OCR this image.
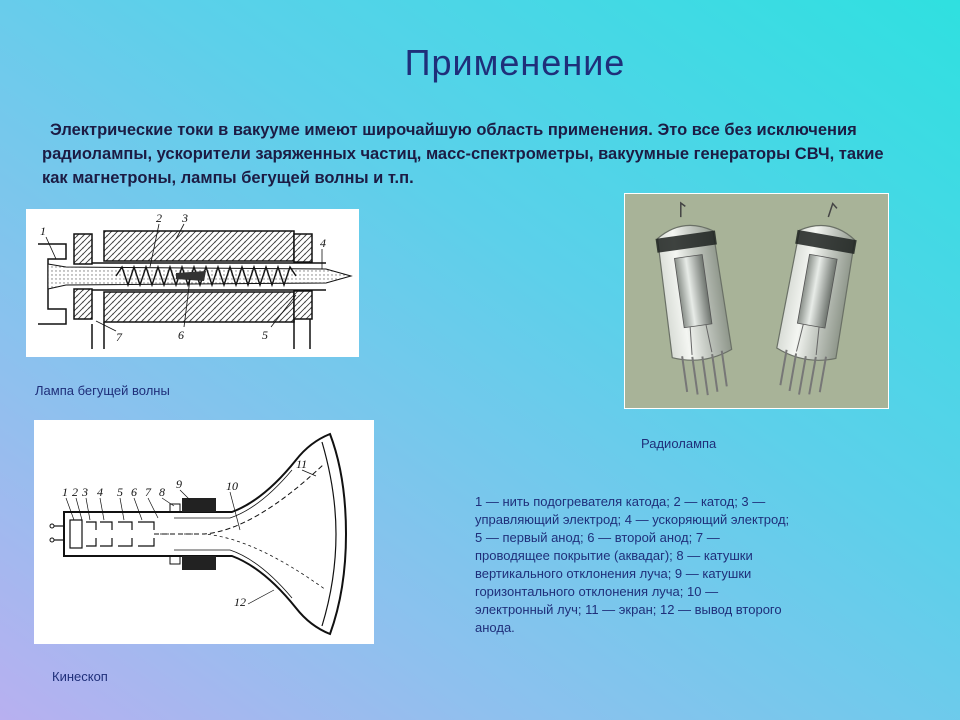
Применение
Электрические токи в вакууме имеют широчайшую область применения. Это все без исключения радиолампы, ускорители заряженных частиц, масс-спектрометры, вакуумные генераторы СВЧ, такие как магнетроны, лампы бегущей волны и т.п.
1
2 3
4
5
6
7
Лампа бегущей волны
Радиолампа
1 2 3 4 5 6 7 8
9	10
11
12
Кинескоп
1 — нить подогревателя катода; 2 — катод; 3 — управляющий электрод; 4 — ускоряющий электрод; 5 — первый анод; 6 — второй анод; 7 — проводящее покрытие (аквадаг); 8 — катушки вертикального отклонения луча; 9 — катушки горизонтального отклонения луча; 10 — электронный луч; 11 — экран; 12 — вывод второго анода.
